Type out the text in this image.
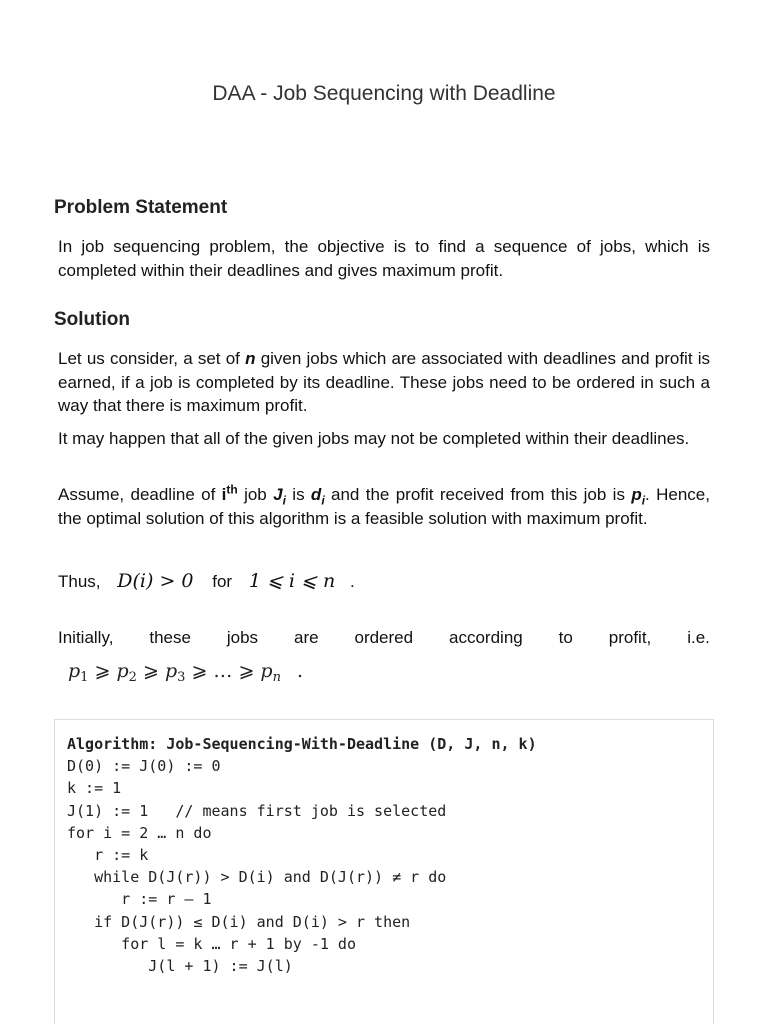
DAA - Job Sequencing with Deadline
Problem Statement

In job sequencing problem, the objective is to find a sequence of jobs, which is completed within their deadlines and gives maximum profit.

Solution

Let us consider, a set of n given jobs which are associated with deadlines and profit is earned, if a job is completed by its deadline. These jobs need to be ordered in such a way that there is maximum profit.

It may happen that all of the given jobs may not be completed within their deadlines.

Assume, deadline of $i^{th}$ job $J_i$ is $d_i$ and the profit received from this job is $p_i$. Hence, the optimal solution of this algorithm is a feasible solution with maximum profit.

Thus, D(i) > 0 for 1 ⩽ i ⩽ n .
Initially, these jobs are ordered according to profit, i.e.
$p_1$ ⩾ $p_2$ ⩾ $p_3$ ⩾ … ⩾ $p_n$ .
Algorithm: Job-Sequencing-With-Deadline (D, J, n, k)
D(0) := J(0) := 0
k := 1
J(1) := 1   // means first job is selected
for i = 2 … n do
r := k
while D(J(r)) > D(i) and D(J(r)) ≠ r do
r := r – 1
if D(J(r)) ≤ D(i) and D(i) > r then
for l = k … r + 1 by -1 do
J(l + 1) := J(l)
